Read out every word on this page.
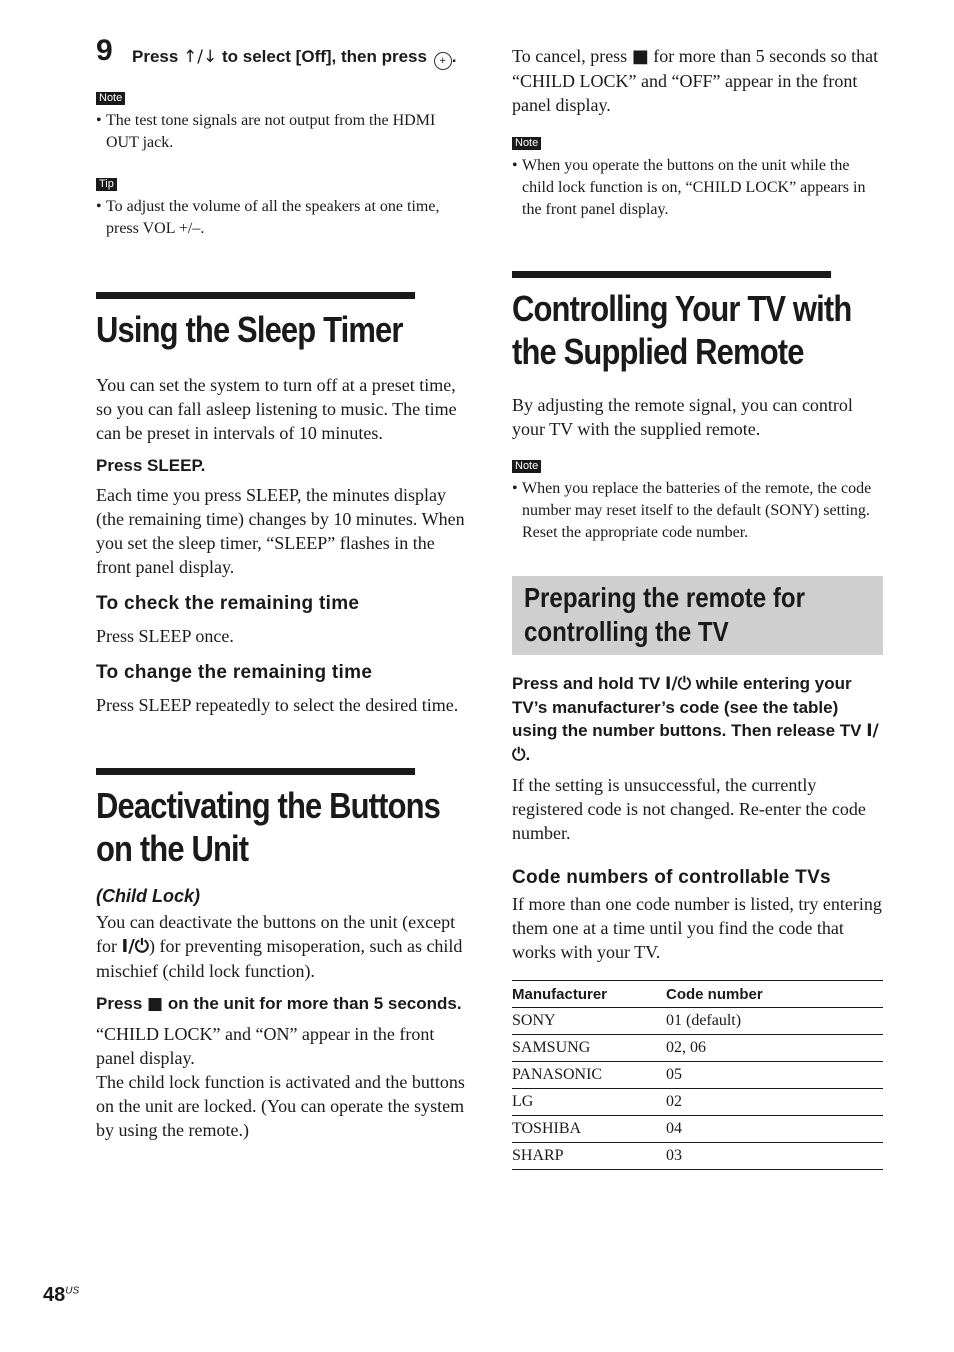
9 Press ↑/↓ to select [Off], then press + .
Note
• The test tone signals are not output from the HDMI OUT jack.
Tip
• To adjust the volume of all the speakers at one time, press VOL +/–.
Using the Sleep Timer

You can set the system to turn off at a preset time, so you can fall asleep listening to music. The time can be preset in intervals of 10 minutes.

Press SLEEP.

Each time you press SLEEP, the minutes display (the remaining time) changes by 10 minutes. When you set the sleep timer, “SLEEP” flashes in the front panel display.

To check the remaining time

Press SLEEP once.

To change the remaining time

Press SLEEP repeatedly to select the desired time.

Deactivating the Buttons
on the Unit
(Child Lock)

You can deactivate the buttons on the unit (except for I/⏻) for preventing misoperation, such as child mischief (child lock function).

Press ■ on the unit for more than 5 seconds.

“CHILD LOCK” and “ON” appear in the front panel display.
The child lock function is activated and the buttons on the unit are locked. (You can operate the system by using the remote.)

To cancel, press ■ for more than 5 seconds so that “CHILD LOCK” and “OFF” appear in the front panel display.

Note
• When you operate the buttons on the unit while the child lock function is on, “CHILD LOCK” appears in the front panel display.
Controlling Your TV with
the Supplied Remote

By adjusting the remote signal, you can control your TV with the supplied remote.

Note
• When you replace the batteries of the remote, the code number may reset itself to the default (SONY) setting. Reset the appropriate code number.
Preparing the remote for
controlling the TV
Press and hold TV I/⏻ while entering your TV’s manufacturer’s code (see the table) using the number buttons. Then release TV I/⏻.

If the setting is unsuccessful, the currently registered code is not changed. Re-enter the code number.

Code numbers of controllable TVs

If more than one code number is listed, try entering them one at a time until you find the code that works with your TV.

Manufacturer	Code number
SONY	01 (default)
SAMSUNG	02, 06
PANASONIC	05
LG	02
TOSHIBA	04
SHARP	03
$48^{US}$
